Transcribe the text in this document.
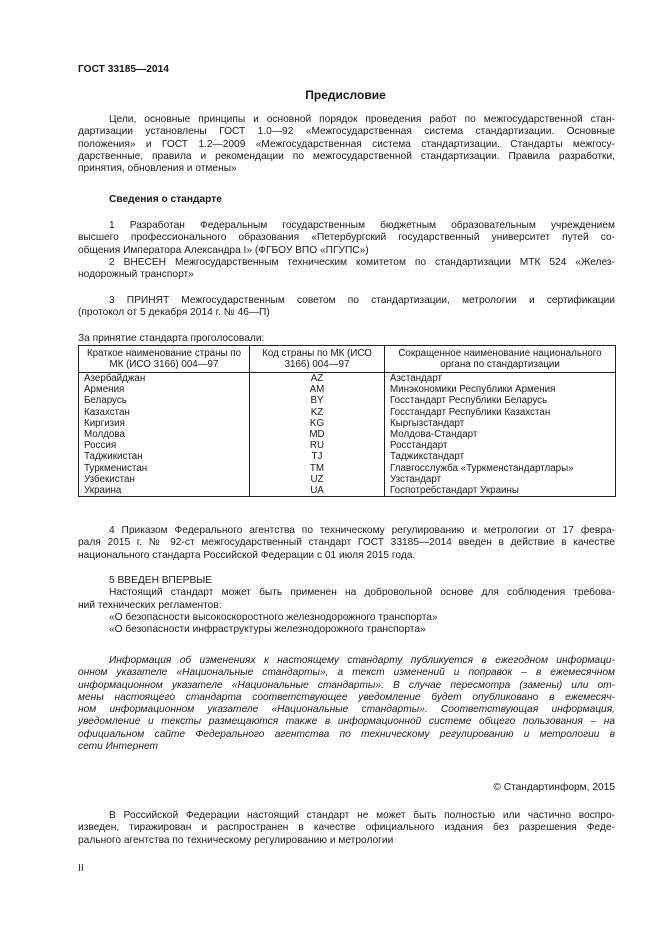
ГОСТ 33185—2014
Предисловие

Цели, основные принципы и основной порядок проведения работ по межгосударственной стан-

дартизации установлены ГОСТ 1.0—92 «Межгосударственная система стандартизации. Основные

положения» и ГОСТ 1.2—2009 «Межгосударственная система стандартизации. Стандарты межгосу-

дарственные, правила и рекомендации по межгосударственной стандартизации. Правила разработки,

принятия, обновления и отмены»

Сведения о стандарте

1 Разработан Федеральным государственным бюджетным образовательным учреждением

высшего профессионального образования «Петербургский государственный университет путей со-

общения Императора Александра I» (ФГБОУ ВПО «ПГУПС»)

2 ВНЕСЕН Межгосударственным техническим комитетом по стандартизации МТК 524 «Желез-

нодорожный транспорт»

3 ПРИНЯТ Межгосударственным советом по стандартизации, метрологии и сертификации

(протокол от 5 декабря 2014 г. № 46—П)

За принятие стандарта проголосовали:
Краткое наименование страны по МК (ИСО 3166) 004—97	Код страны по МК (ИСО 3166) 004—97	Сокращенное наименование национального органа по стандартизации
Азербайджан	AZ	Азстандарт
Армения	AM	Минэкономики Республики Армения
Беларусь	BY	Госстандарт Республики Беларусь
Казахстан	KZ	Госстандарт Республики Казахстан
Киргизия	KG	Кыргызстандарт
Молдова	MD	Молдова-Стандарт
Россия	RU	Росстандарт
Таджикистан	TJ	Таджикстандарт
Туркменистан	TM	Главгосслужба «Туркменстандартлары»
Узбекистан	UZ	Узстандарт
Украина	UA	Госпотребстандарт Украины

4 Приказом Федерального агентства по техническому регулированию и метрологии от 17 февра-

раля 2015 г. № 92-ст межгосударственный стандарт ГОСТ 33185—2014 введен в действие в качестве

национального стандарта Российской Федерации с 01 июля 2015 года.

5 ВВЕДЕН ВПЕРВЫЕ

Настоящий стандарт может быть применен на добровольной основе для соблюдения требова-

ний технических регламентов:

«О безопасности высокоскоростного железнодорожного транспорта»

«О безопасности инфраструктуры железнодорожного транспорта»

Информация об изменениях к настоящему стандарту публикуется в ежегодном информаци-

онном указателе «Национальные стандарты», а текст изменений и поправок – в ежемесячном

информационном указателе «Национальные стандарты». В случае пересмотра (замены) или от-

мены настоящего стандарта соответствующее уведомление будет опубликовано в ежемесяч-

ном информационном указателе «Национальные стандарты». Соответствующая информация,

уведомление и тексты размещаются также в информационной системе общего пользования – на

официальном сайте Федерального агентства по техническому регулированию и метрологии в

сети Интернет

© Стандартинформ, 2015

В Российской Федерации настоящий стандарт не может быть полностью или частично воспро-

изведен, тиражирован и распространен в качестве официального издания без разрешения Феде-

рального агентства по техническому регулированию и метрологии

II
